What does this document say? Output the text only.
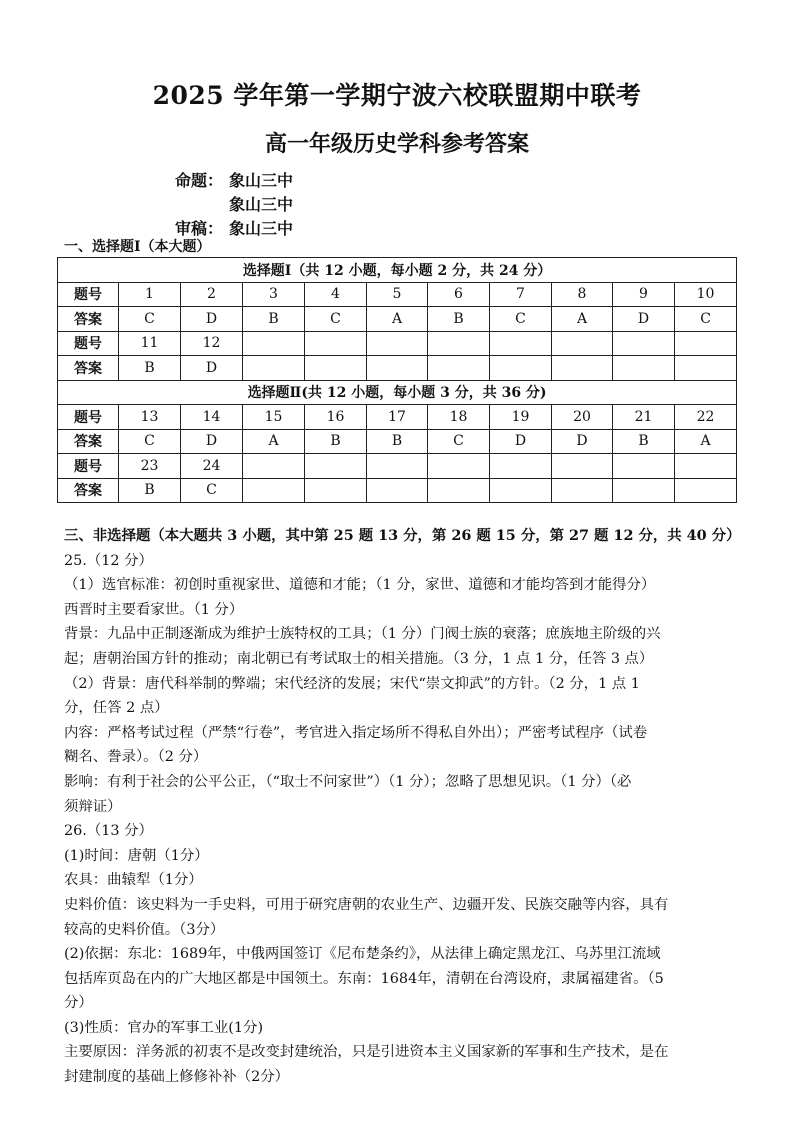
2025 学年第一学期宁波六校联盟期中联考
高一年级历史学科参考答案
命题： 象山三中
象山三中
审稿： 象山三中
一、选择题Ⅰ（本大题）
选择题Ⅰ（共 12 小题，每小题 2 分，共 24 分）										
题号	1	2	3	4	5	6	7	8	9	10
答案	C	D	B	C	A	B	C	A	D	C
题号	11	12								
答案	B	D								
选择题Ⅱ(共 12 小题，每小题 3 分，共 36 分)										
题号	13	14	15	16	17	18	19	20	21	22
答案	C	D	A	B	B	C	D	D	B	A
题号	23	24								
答案	B	C								

三、非选择题（本大题共 3 小题，其中第 25 题 13 分，第 26 题 15 分，第 27 题 12 分，共 40 分）

25.（12 分）

（1）选官标准：初创时重视家世、道德和才能；（1 分，家世、道德和才能均答到才能得分）

西晋时主要看家世。（1 分）

背景：九品中正制逐渐成为维护士族特权的工具；（1 分）门阀士族的衰落；庶族地主阶级的兴

起；唐朝治国方针的推动；南北朝已有考试取士的相关措施。（3 分，1 点 1 分，任答 3 点）

（2）背景：唐代科举制的弊端；宋代经济的发展；宋代“崇文抑武”的方针。（2 分，1 点 1

分，任答 2 点）

内容：严格考试过程（严禁“行卷”，考官进入指定场所不得私自外出）；严密考试程序（试卷

糊名、誊录）。（2 分）

影响：有利于社会的公平公正，（“取士不问家世”）（1 分）；忽略了思想见识。（1 分）（必

须辩证）

26.（13 分）

(1)时间：唐朝（1分）

农具：曲辕犁（1分）

史料价值：该史料为一手史料，可用于研究唐朝的农业生产、边疆开发、民族交融等内容，具有

较高的史料价值。（3分）

(2)依据：东北：1689年，中俄两国签订《尼布楚条约》，从法律上确定黑龙江、乌苏里江流域

包括库页岛在内的广大地区都是中国领土。东南：1684年，清朝在台湾设府，隶属福建省。（5

分）

(3)性质：官办的军事工业(1分)

主要原因：洋务派的初衷不是改变封建统治，只是引进资本主义国家新的军事和生产技术，是在

封建制度的基础上修修补补（2分）
